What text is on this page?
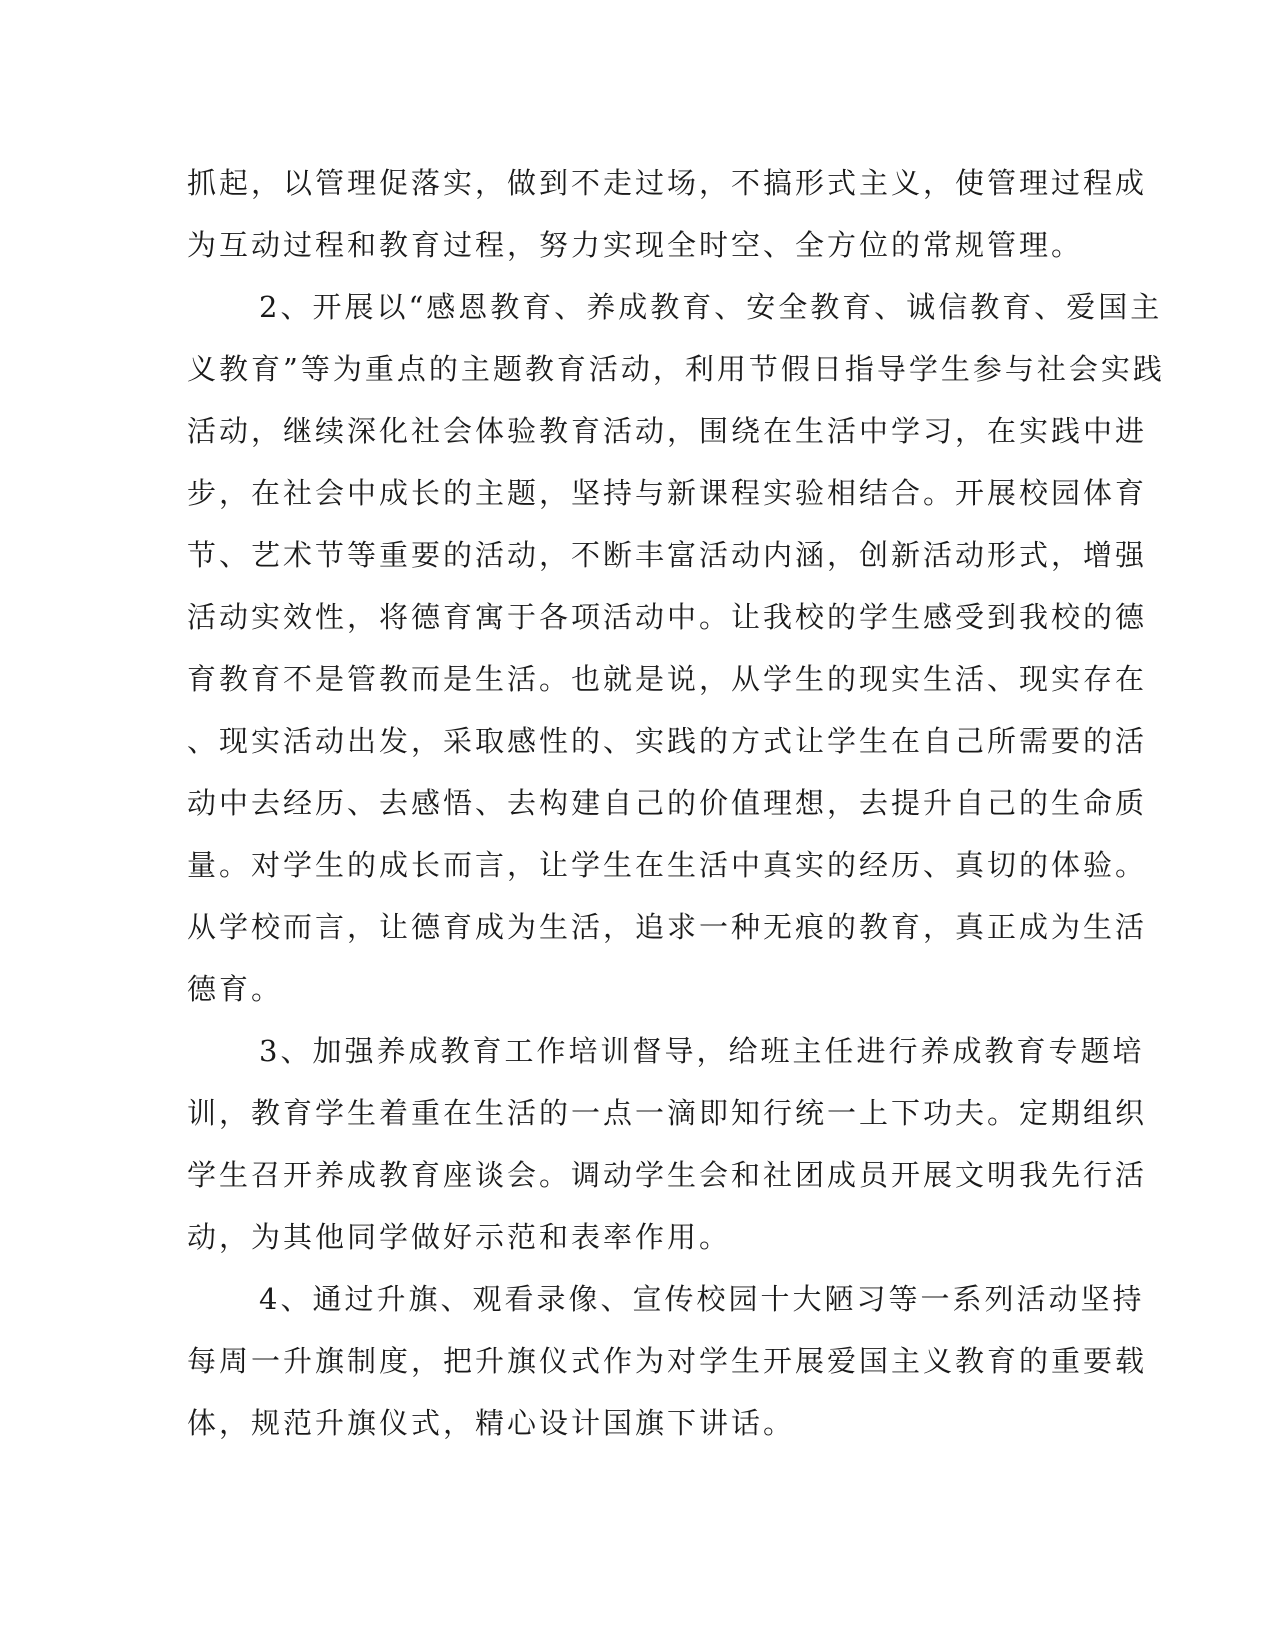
抓起，以管理促落实，做到不走过场，不搞形式主义，使管理过程成
为互动过程和教育过程，努力实现全时空、全方位的常规管理。

2、开展以“感恩教育、养成教育、安全教育、诚信教育、爱国主
义教育”等为重点的主题教育活动，利用节假日指导学生参与社会实践
活动，继续深化社会体验教育活动，围绕在生活中学习，在实践中进
步，在社会中成长的主题，坚持与新课程实验相结合。开展校园体育
节、艺术节等重要的活动，不断丰富活动内涵，创新活动形式，增强
活动实效性，将德育寓于各项活动中。让我校的学生感受到我校的德
育教育不是管教而是生活。也就是说，从学生的现实生活、现实存在
、现实活动出发，采取感性的、实践的方式让学生在自己所需要的活
动中去经历、去感悟、去构建自己的价值理想，去提升自己的生命质
量。对学生的成长而言，让学生在生活中真实的经历、真切的体验。
从学校而言，让德育成为生活，追求一种无痕的教育，真正成为生活
德育。

3、加强养成教育工作培训督导，给班主任进行养成教育专题培
训，教育学生着重在生活的一点一滴即知行统一上下功夫。定期组织
学生召开养成教育座谈会。调动学生会和社团成员开展文明我先行活
动，为其他同学做好示范和表率作用。

4、通过升旗、观看录像、宣传校园十大陋习等一系列活动坚持
每周一升旗制度，把升旗仪式作为对学生开展爱国主义教育的重要载
体，规范升旗仪式，精心设计国旗下讲话。
